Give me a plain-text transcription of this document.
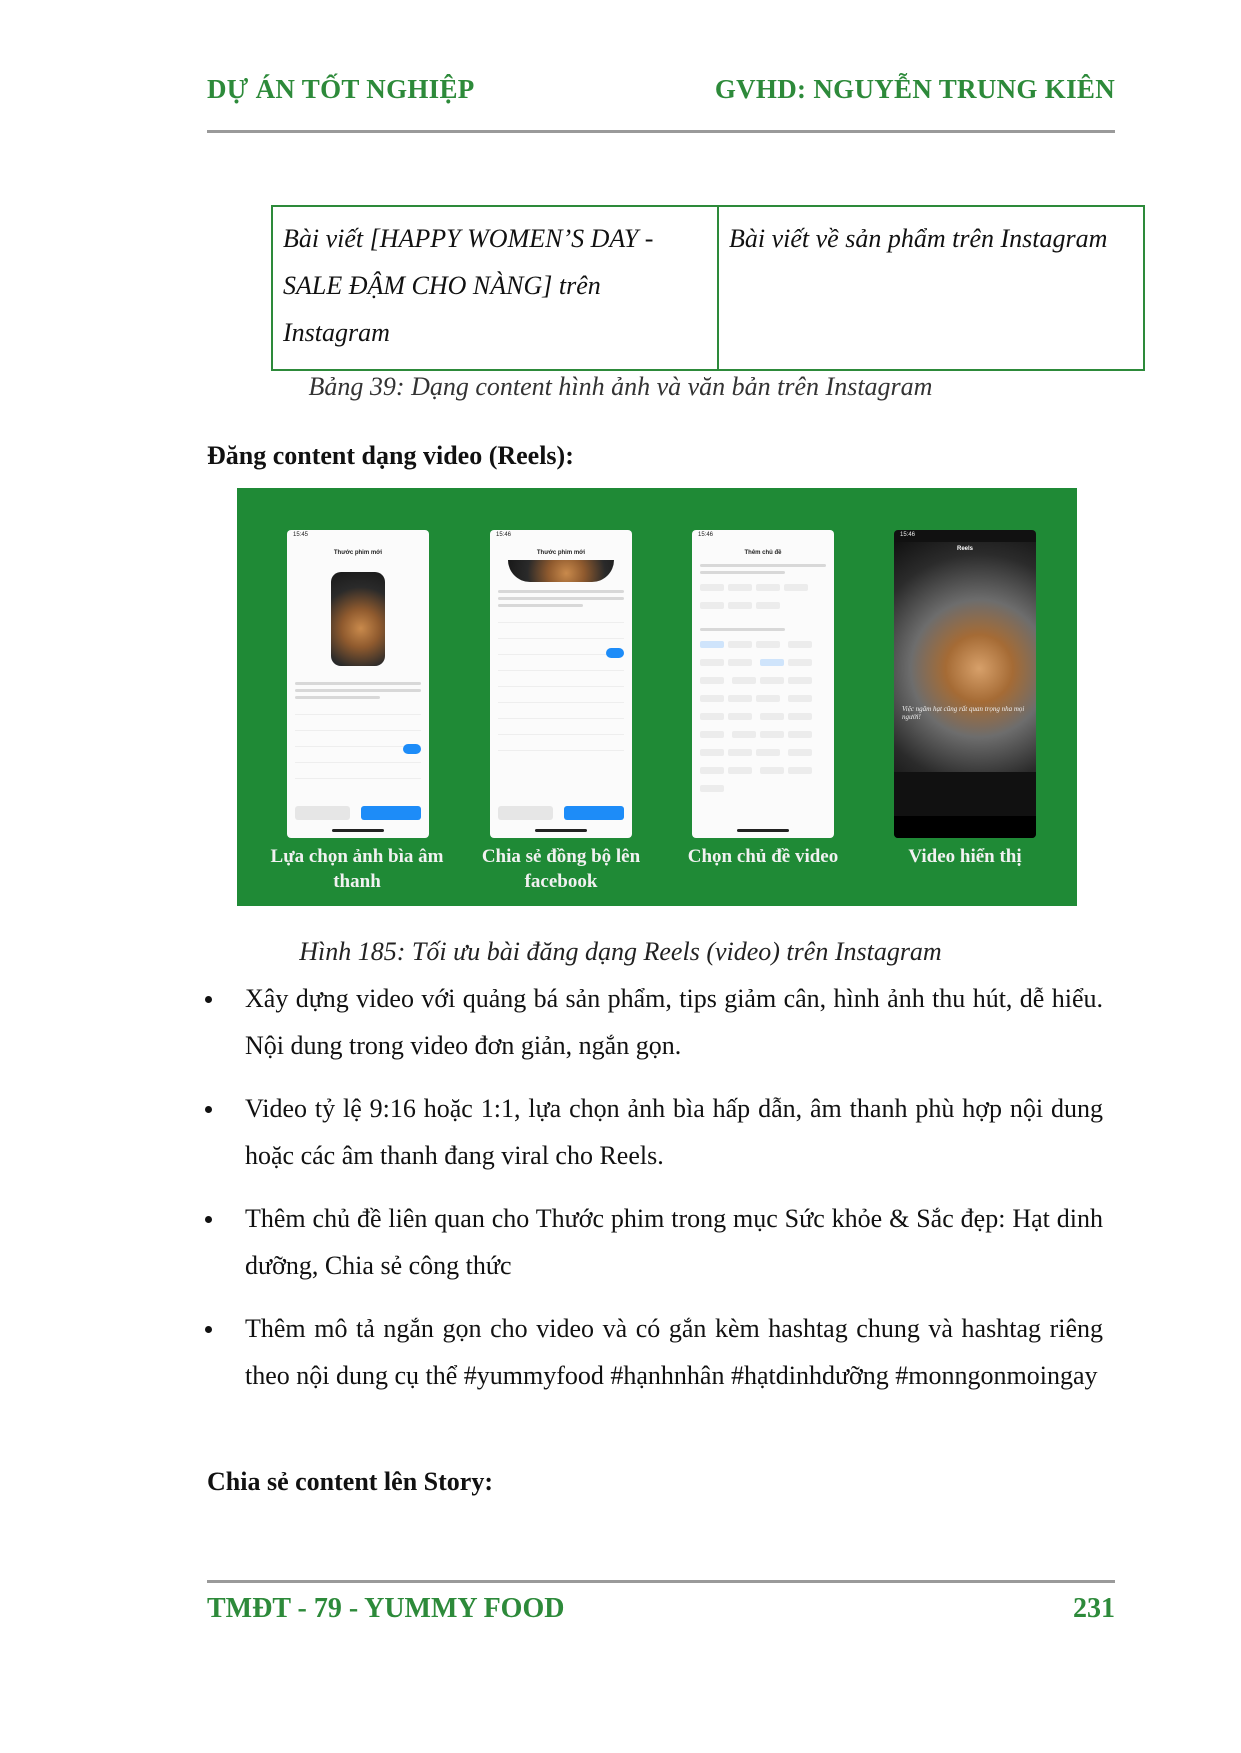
DỰ ÁN TỐT NGHIỆP	GVHD: NGUYỄN TRUNG KIÊN
Bài viết [HAPPY WOMEN’S DAY - SALE ĐẬM CHO NÀNG] trên Instagram	Bài viết về sản phẩm trên Instagram
Bảng 39: Dạng content hình ảnh và văn bản trên Instagram
Đăng content dạng video (Reels):
15:45
Thước phim mới
15:46
Thước phim mới
15:46
Thêm chủ đề

15:46
Reels
Việc ngâm hạt cũng rất quan trọng nha mọi người!
Lựa chọn ảnh bìa âm thanh
Chia sẻ đồng bộ lên facebook
Chọn chủ đề video	Video hiển thị
Hình 185: Tối ưu bài đăng dạng Reels (video) trên Instagram
Xây dựng video với quảng bá sản phẩm, tips giảm cân, hình ảnh thu hút, dễ hiểu. Nội dung trong video đơn giản, ngắn gọn.
Video tỷ lệ 9:16 hoặc 1:1, lựa chọn ảnh bìa hấp dẫn, âm thanh phù hợp nội dung hoặc các âm thanh đang viral cho Reels.
Thêm chủ đề liên quan cho Thước phim trong mục Sức khỏe & Sắc đẹp: Hạt dinh dưỡng, Chia sẻ công thức
Thêm mô tả ngắn gọn cho video và có gắn kèm hashtag chung và hashtag riêng theo nội dung cụ thể #yummyfood #hạnhnhân #hạtdinhdưỡng #monngonmoingay
Chia sẻ content lên Story:
TMĐT - 79 - YUMMY FOOD	231
